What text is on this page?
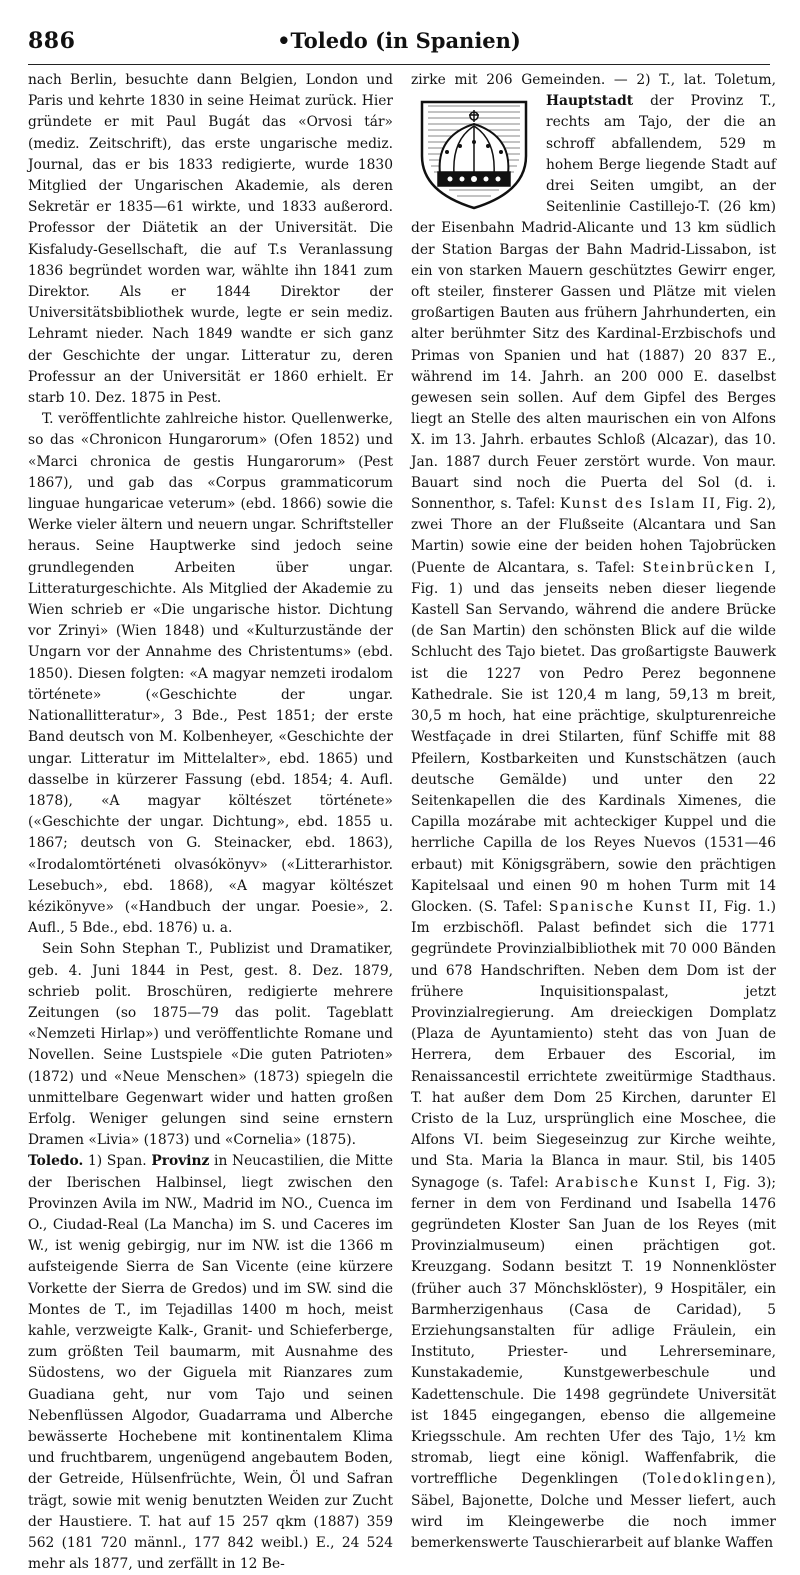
886	•Toledo (in Spanien)

nach Berlin, besuchte dann Belgien, London und Paris und kehrte 1830 in seine Heimat zurück. Hier gründete er mit Paul Bugát das «Orvosi tár» (mediz. Zeitschrift), das erste ungarische mediz. Journal, das er bis 1833 redigierte, wurde 1830 Mitglied der Ungarischen Akademie, als deren Sekretär er 1835—61 wirkte, und 1833 außerord. Professor der Diätetik an der Universität. Die Kisfaludy-Gesellschaft, die auf T.s Veranlassung 1836 begründet worden war, wählte ihn 1841 zum Direktor. Als er 1844 Direktor der Universitätsbibliothek wurde, legte er sein mediz. Lehramt nieder. Nach 1849 wandte er sich ganz der Geschichte der ungar. Litteratur zu, deren Professur an der Universität er 1860 erhielt. Er starb 10. Dez. 1875 in Pest.

T. veröffentlichte zahlreiche histor. Quellenwerke, so das «Chronicon Hungarorum» (Ofen 1852) und «Marci chronica de gestis Hungarorum» (Pest 1867), und gab das «Corpus grammaticorum linguae hungaricae veterum» (ebd. 1866) sowie die Werke vieler ältern und neuern ungar. Schriftsteller heraus. Seine Hauptwerke sind jedoch seine grundlegenden Arbeiten über ungar. Litteraturgeschichte. Als Mitglied der Akademie zu Wien schrieb er «Die ungarische histor. Dichtung vor Zrinyi» (Wien 1848) und «Kulturzustände der Ungarn vor der Annahme des Christentums» (ebd. 1850). Diesen folgten: «A magyar nemzeti irodalom története» («Geschichte der ungar. Nationallitteratur», 3 Bde., Pest 1851; der erste Band deutsch von M. Kolbenheyer, «Geschichte der ungar. Litteratur im Mittelalter», ebd. 1865) und dasselbe in kürzerer Fassung (ebd. 1854; 4. Aufl. 1878), «A magyar költészet története» («Geschichte der ungar. Dichtung», ebd. 1855 u. 1867; deutsch von G. Steinacker, ebd. 1863), «Irodalomtörténeti olvasókönyv» («Litterarhistor. Lesebuch», ebd. 1868), «A magyar költészet kézikönyve» («Handbuch der ungar. Poesie», 2. Aufl., 5 Bde., ebd. 1876) u. a.

Sein Sohn Stephan T., Publizist und Dramatiker, geb. 4. Juni 1844 in Pest, gest. 8. Dez. 1879, schrieb polit. Broschüren, redigierte mehrere Zeitungen (so 1875—79 das polit. Tageblatt «Nemzeti Hirlap») und veröffentlichte Romane und Novellen. Seine Lustspiele «Die guten Patrioten» (1872) und «Neue Menschen» (1873) spiegeln die unmittelbare Gegenwart wider und hatten großen Erfolg. Weniger gelungen sind seine ernstern Dramen «Livia» (1873) und «Cornelia» (1875).

Toledo. 1) Span. Provinz in Neucastilien, die Mitte der Iberischen Halbinsel, liegt zwischen den Provinzen Avila im NW., Madrid im NO., Cuenca im O., Ciudad-Real (La Mancha) im S. und Caceres im W., ist wenig gebirgig, nur im NW. ist die 1366 m aufsteigende Sierra de San Vicente (eine kürzere Vorkette der Sierra de Gredos) und im SW. sind die Montes de T., im Tejadillas 1400 m hoch, meist kahle, verzweigte Kalk-, Granit- und Schieferberge, zum größten Teil baumarm, mit Ausnahme des Südostens, wo der Giguela mit Rianzares zum Guadiana geht, nur vom Tajo und seinen Nebenflüssen Algodor, Guadarrama und Alberche bewässerte Hochebene mit kontinentalem Klima und fruchtbarem, ungenügend angebautem Boden, der Getreide, Hülsenfrüchte, Wein, Öl und Safran trägt, sowie mit wenig benutzten Weiden zur Zucht der Haustiere. T. hat auf 15 257 qkm (1887) 359 562 (181 720 männl., 177 842 weibl.) E., 24 524 mehr als 1877, und zerfällt in 12 Be-

zirke mit 206 Gemeinden. — 2) T., lat. Toletum, Hauptstadt
der Provinz T., rechts am Tajo, der die an schroff abfallendem, 529 m hohem Berge liegende Stadt auf drei Seiten umgibt, an der Seitenlinie Castillejo-T. (26 km) der Eisenbahn Madrid-Alicante und 13 km südlich der Station Bargas der Bahn Madrid-Lissabon, ist ein von starken Mauern geschütztes Gewirr enger, oft steiler, finsterer Gassen und Plätze mit vielen großartigen Bauten aus frühern Jahrhunderten, ein alter berühmter Sitz des Kardinal-Erzbischofs und Primas von Spanien und hat (1887) 20 837 E., während im 14. Jahrh. an 200 000 E. daselbst gewesen sein sollen. Auf dem Gipfel des Berges liegt an Stelle des alten maurischen ein von Alfons X. im 13. Jahrh. erbautes Schloß (Alcazar), das 10. Jan. 1887 durch Feuer zerstört wurde. Von maur. Bauart sind noch die Puerta del Sol (d. i. Sonnenthor, s. Tafel: Kunst des Islam II, Fig. 2), zwei Thore an der Flußseite (Alcantara und San Martin) sowie eine der beiden hohen Tajobrücken (Puente de Alcantara, s. Tafel: Steinbrücken I, Fig. 1) und das jenseits neben dieser liegende Kastell San Servando, während die andere Brücke (de San Martin) den schönsten Blick auf die wilde Schlucht des Tajo bietet. Das großartigste Bauwerk ist die 1227 von Pedro Perez begonnene Kathedrale. Sie ist 120,4 m lang, 59,13 m breit, 30,5 m hoch, hat eine prächtige, skulpturenreiche Westfaçade in drei Stilarten, fünf Schiffe mit 88 Pfeilern, Kostbarkeiten und Kunstschätzen (auch deutsche Gemälde) und unter den 22 Seitenkapellen die des Kardinals Ximenes, die Capilla mozárabe mit achteckiger Kuppel und die herrliche Capilla de los Reyes Nuevos (1531—46 erbaut) mit Königsgräbern, sowie den prächtigen Kapitelsaal und einen 90 m hohen Turm mit 14 Glocken. (S. Tafel: Spanische Kunst II, Fig. 1.) Im erzbischöfl. Palast befindet sich die 1771 gegründete Provinzialbibliothek mit 70 000 Bänden und 678 Handschriften. Neben dem Dom ist der frühere Inquisitionspalast, jetzt Provinzialregierung. Am dreieckigen Domplatz (Plaza de Ayuntamiento) steht das von Juan de Herrera, dem Erbauer des Escorial, im Renaissancestil errichtete zweitürmige Stadthaus. T. hat außer dem Dom 25 Kirchen, darunter El Cristo de la Luz, ursprünglich eine Moschee, die Alfons VI. beim Siegeseinzug zur Kirche weihte, und Sta. Maria la Blanca in maur. Stil, bis 1405 Synagoge (s. Tafel: Arabische Kunst I, Fig. 3); ferner in dem von Ferdinand und Isabella 1476 gegründeten Kloster San Juan de los Reyes (mit Provinzialmuseum) einen prächtigen got. Kreuzgang. Sodann besitzt T. 19 Nonnenklöster (früher auch 37 Mönchsklöster), 9 Hospitäler, ein Barmherzigenhaus (Casa de Caridad), 5 Erziehungsanstalten für adlige Fräulein, ein Instituto, Priester- und Lehrerseminare, Kunstakademie, Kunstgewerbeschule und Kadettenschule. Die 1498 gegründete Universität ist 1845 eingegangen, ebenso die allgemeine Kriegsschule. Am rechten Ufer des Tajo, 1½ km stromab, liegt eine königl. Waffenfabrik, die vortreffliche Degenklingen (Toledoklingen), Säbel, Bajonette, Dolche und Messer liefert, auch wird im Kleingewerbe die noch immer bemerkenswerte Tauschierarbeit auf blanke Waffen
